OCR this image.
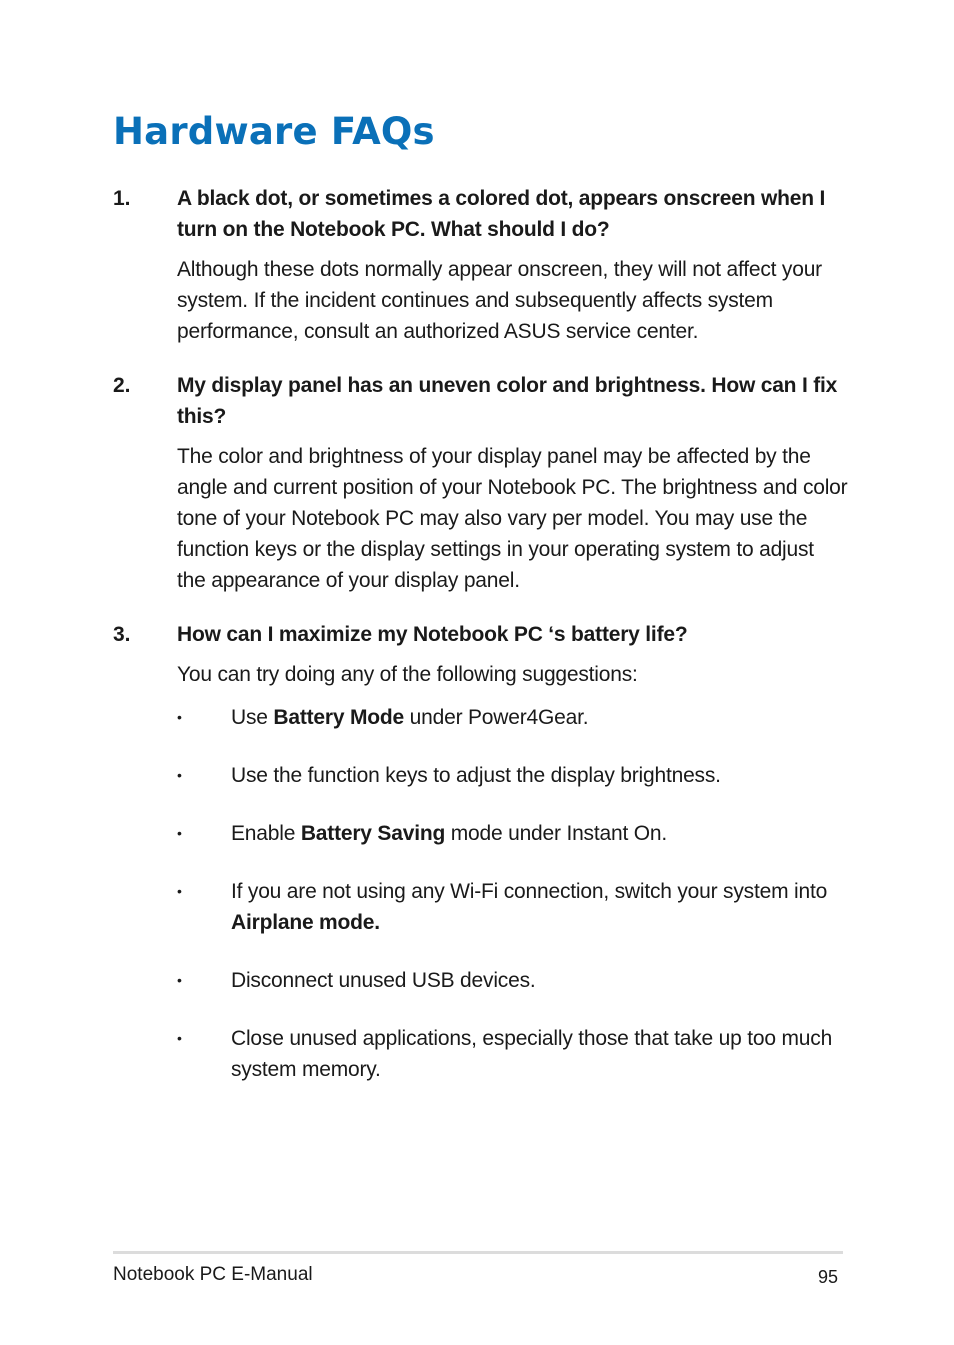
Hardware FAQs
1. A black dot, or sometimes a colored dot, appears onscreen when I turn on the Notebook PC. What should I do?
Although these dots normally appear onscreen, they will not affect your system. If the incident continues and subsequently affects system performance, consult an authorized ASUS service center.
2. My display panel has an uneven color and brightness. How can I fix this?
The color and brightness of your display panel may be affected by the angle and current position of your Notebook PC. The brightness and color tone of your Notebook PC may also vary per model. You may use the function keys or the display settings in your operating system to adjust the appearance of your display panel.
3. How can I maximize my Notebook PC ‘s battery life?
You can try doing any of the following suggestions:
• Use Battery Mode under Power4Gear.
• Use the function keys to adjust the display brightness.
• Enable Battery Saving mode under Instant On.
• If you are not using any Wi-Fi connection, switch your system into Airplane mode.
• Disconnect unused USB devices.
• Close unused applications, especially those that take up too much system memory.
Notebook PC E-Manual	95
